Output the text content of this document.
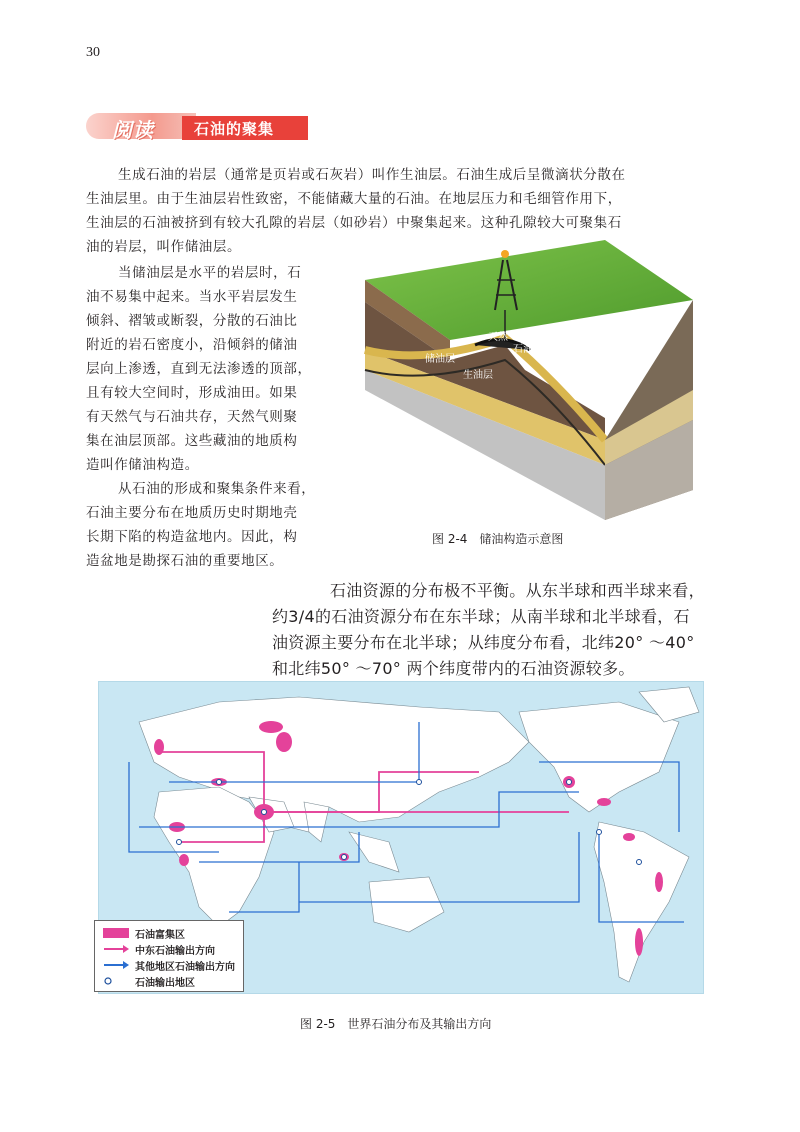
30
阅读	石油的聚集
生成石油的岩层（通常是页岩或石灰岩）叫作生油层。石油生成后呈微滴状分散在
生油层里。由于生油层岩性致密，不能储藏大量的石油。在地层压力和毛细管作用下，
生油层的石油被挤到有较大孔隙的岩层（如砂岩）中聚集起来。这种孔隙较大可聚集石
油的岩层，叫作储油层。
当储油层是水平的岩层时，石
油不易集中起来。当水平岩层发生
倾斜、褶皱或断裂，分散的石油比
附近的岩石密度小，沿倾斜的储油
层向上渗透，直到无法渗透的顶部，
且有较大空间时，形成油田。如果
有天然气与石油共存，天然气则聚
集在油层顶部。这些藏油的地质构
造叫作储油构造。
从石油的形成和聚集条件来看，
石油主要分布在地质历史时期地壳
长期下陷的构造盆地内。因此，构
造盆地是勘探石油的重要地区。
天然气
石油
储油层
生油层
图 2-4 储油构造示意图
石油资源的分布极不平衡。从东半球和西半球来看，
约3/4的石油资源分布在东半球；从南半球和北半球看，石
油资源主要分布在北半球；从纬度分布看，北纬20° ～40°
和北纬50° ～70° 两个纬度带内的石油资源较多。
石油富集区
中东石油输出方向
其他地区石油输出方向
石油输出地区
图 2-5 世界石油分布及其输出方向
